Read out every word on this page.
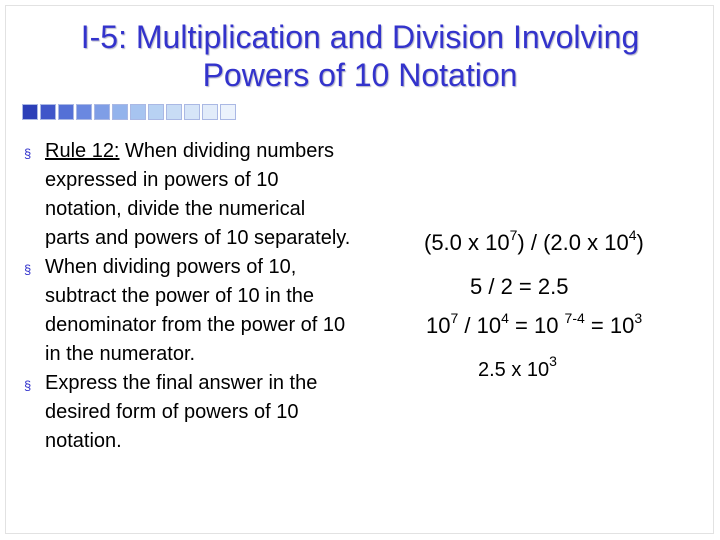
I-5: Multiplication and Division Involving
Powers of 10 Notation
§ Rule 12: When dividing numbers
expressed in powers of 10
notation, divide the numerical
parts and powers of 10 separately.
§ When dividing powers of 10,
subtract the power of 10 in the
denominator from the power of 10
in the numerator.
§ Express the final answer in the
desired form of powers of 10
notation.
(5.0 x $10^7) / (2.0$ x $10^4$)
5 / 2 = 2.5
$10^7 / 10^4 = 10$ $^{7-4} = 10^3$
2.5 x $10^3$
